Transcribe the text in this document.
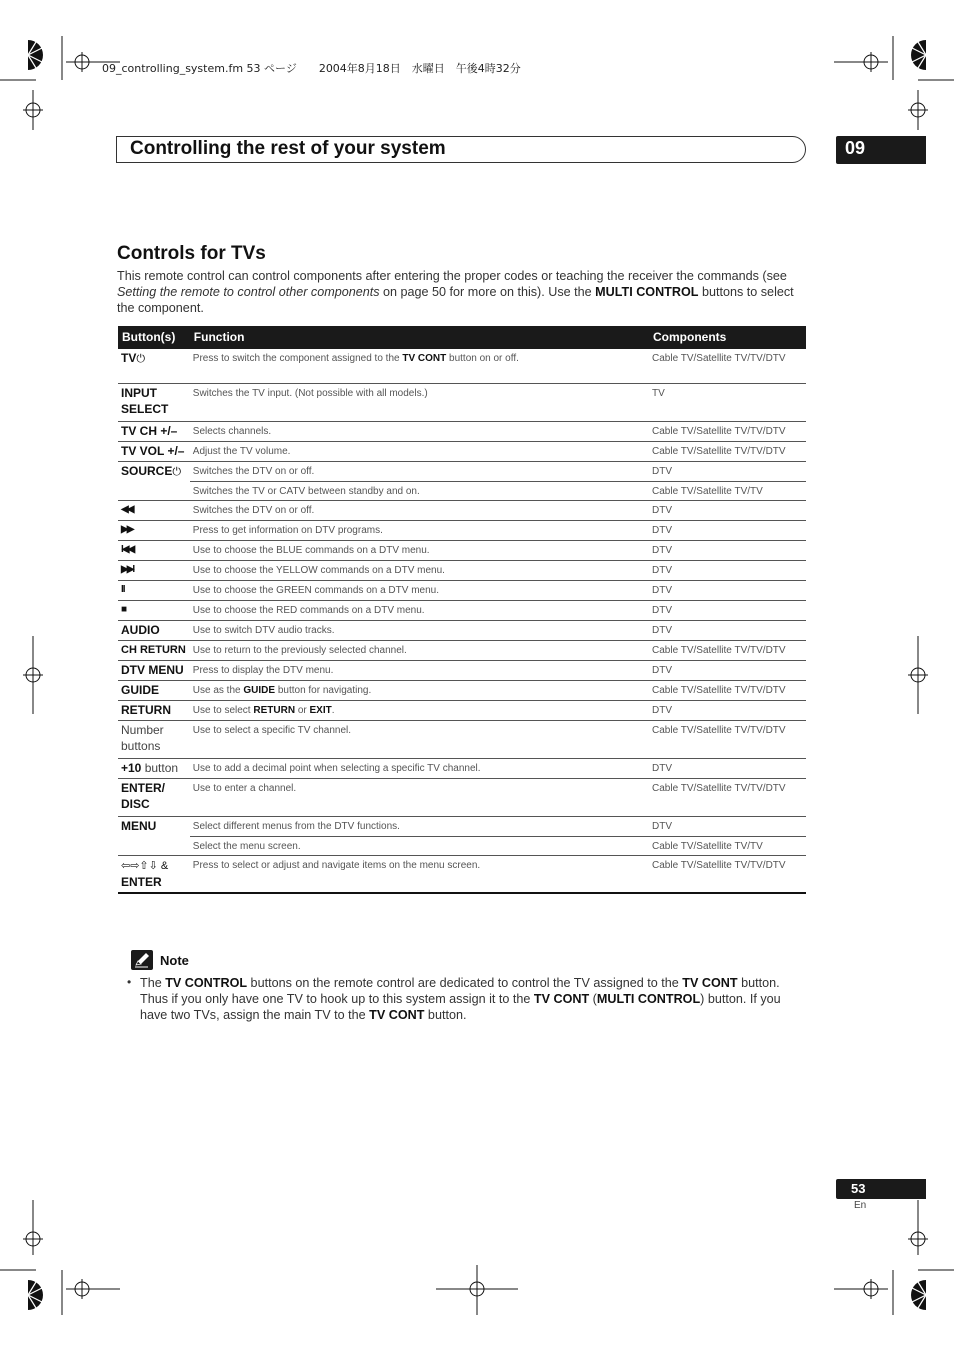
09_controlling_system.fm 53 ページ　　2004年8月18日　水曜日　午後4時32分
Controlling the rest of your system	09
Controls for TVs
This remote control can control components after entering the proper codes or teaching the receiver the commands (see Setting the remote to control other components on page 50 for more on this). Use the MULTI CONTROL buttons to select the component.
Button(s)	Function	Components
TV⏻	Press to switch the component assigned to the TV CONT button on or off.	Cable TV/Satellite TV/TV/DTV
INPUT SELECT	Switches the TV input. (Not possible with all models.)	TV
TV CH +/–	Selects channels.	Cable TV/Satellite TV/TV/DTV
TV VOL +/–	Adjust the TV volume.	Cable TV/Satellite TV/TV/DTV
SOURCE⏻	Switches the DTV on or off.	DTV
	Switches the TV or CATV between standby and on.	Cable TV/Satellite TV/TV
◀◀	Switches the DTV on or off.	DTV
▶▶	Press to get information on DTV programs.	DTV
I◀◀	Use to choose the BLUE commands on a DTV menu.	DTV
▶▶I	Use to choose the YELLOW commands on a DTV menu.	DTV
II	Use to choose the GREEN commands on a DTV menu.	DTV
■	Use to choose the RED commands on a DTV menu.	DTV
AUDIO	Use to switch DTV audio tracks.	DTV
CH RETURN	Use to return to the previously selected channel.	Cable TV/Satellite TV/TV/DTV
DTV MENU	Press to display the DTV menu.	DTV
GUIDE	Use as the GUIDE button for navigating.	Cable TV/Satellite TV/TV/DTV
RETURN	Use to select RETURN or EXIT.	DTV
Number buttons	Use to select a specific TV channel.	Cable TV/Satellite TV/TV/DTV
+10 button	Use to add a decimal point when selecting a specific TV channel.	DTV
ENTER/ DISC	Use to enter a channel.	Cable TV/Satellite TV/TV/DTV
MENU	Select different menus from the DTV functions.	DTV
	Select the menu screen.	Cable TV/Satellite TV/TV
⇦⇨⇧⇩ &
ENTER	Press to select or adjust and navigate items on the menu screen.	Cable TV/Satellite TV/TV/DTV
Note
• The TV CONTROL buttons on the remote control are dedicated to control the TV assigned to the TV CONT button. Thus if you only have one TV to hook up to this system assign it to the TV CONT (MULTI CONTROL) button. If you have two TVs, assign the main TV to the TV CONT button.
53
En
